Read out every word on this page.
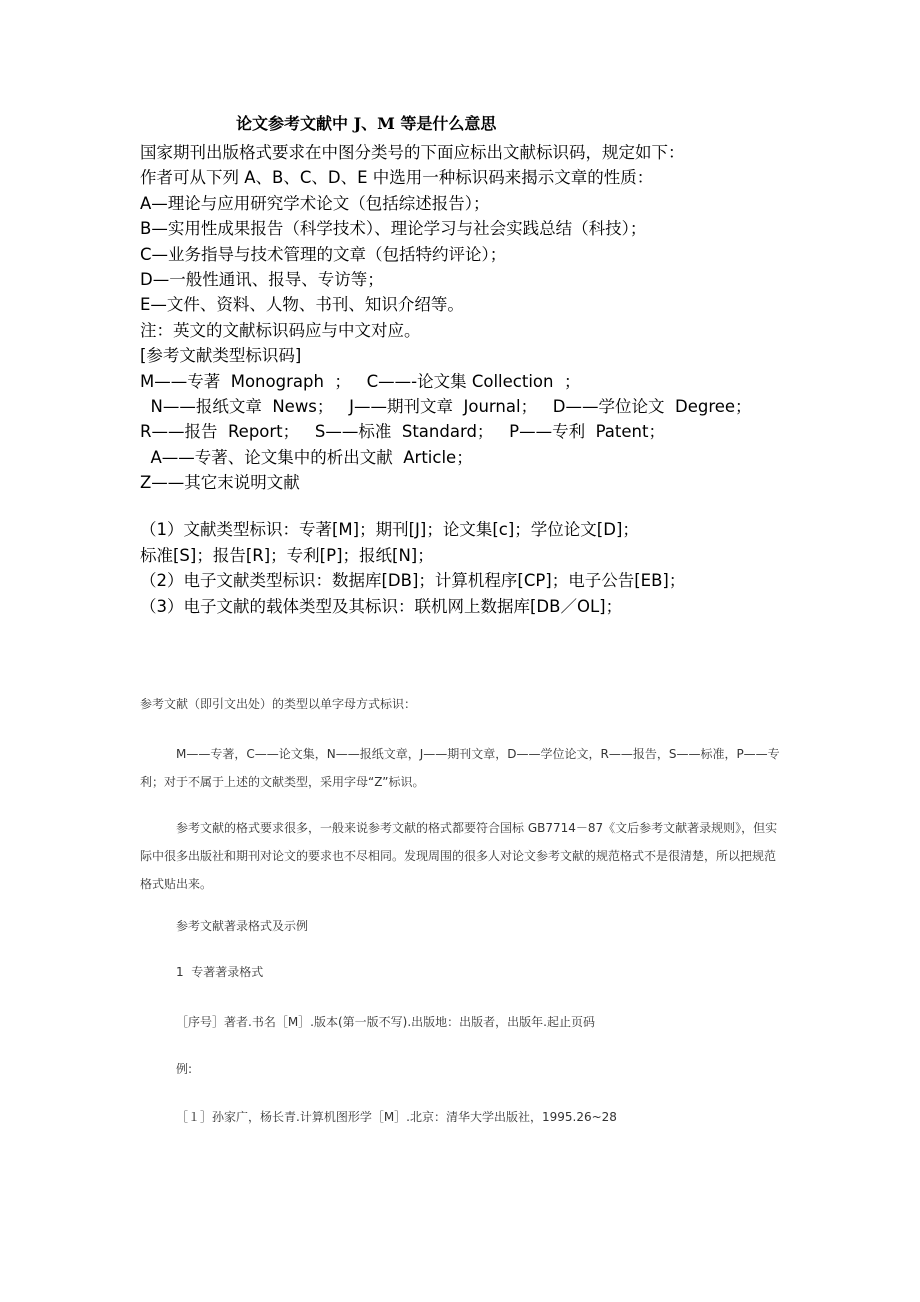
论文参考文献中 J、M 等是什么意思
国家期刊出版格式要求在中图分类号的下面应标出文献标识码，规定如下：
作者可从下列 A、B、C、D、E 中选用一种标识码来揭示文章的性质：
A—理论与应用研究学术论文（包括综述报告）；
B—实用性成果报告（科学技术）、理论学习与社会实践总结（科技）；
C—业务指导与技术管理的文章（包括特约评论）；
D—一般性通讯、报导、专访等；
E—文件、资料、人物、书刊、知识介绍等。
注：英文的文献标识码应与中文对应。
[参考文献类型标识码]
M——专著  Monograph  ；   C——-论文集 Collection  ；
N——报纸文章  News；   J——期刊文章  Journal；   D——学位论文  Degree；
R——报告  Report；   S——标准  Standard；   P——专利  Patent；
A——专著、论文集中的析出文献  Article；
Z——其它末说明文献
（1）文献类型标识：专著[M]；期刊[J]；论文集[c]；学位论文[D]；
标准[S]；报告[R]；专利[P]；报纸[N]；
（2）电子文献类型标识：数据库[DB]；计算机程序[CP]；电子公告[EB]；
（3）电子文献的载体类型及其标识：联机网上数据库[DB／OL]；
参考文献（即引文出处）的类型以单字母方式标识：
M——专著，C——论文集，N——报纸文章，J——期刊文章，D——学位论文，R——报告，S——标准，P——专利；对于不属于上述的文献类型，采用字母“Z”标识。
参考文献的格式要求很多，一般来说参考文献的格式都要符合国标 GB7714－87《文后参考文献著录规则》，但实际中很多出版社和期刊对论文的要求也不尽相同。发现周围的很多人对论文参考文献的规范格式不是很清楚，所以把规范格式贴出来。
参考文献著录格式及示例
1  专著著录格式
［序号］著者.书名［M］.版本(第一版不写).出版地：出版者，出版年.起止页码
例:
［１］孙家广，杨长青.计算机图形学［M］.北京：清华大学出版社，1995.26~28
